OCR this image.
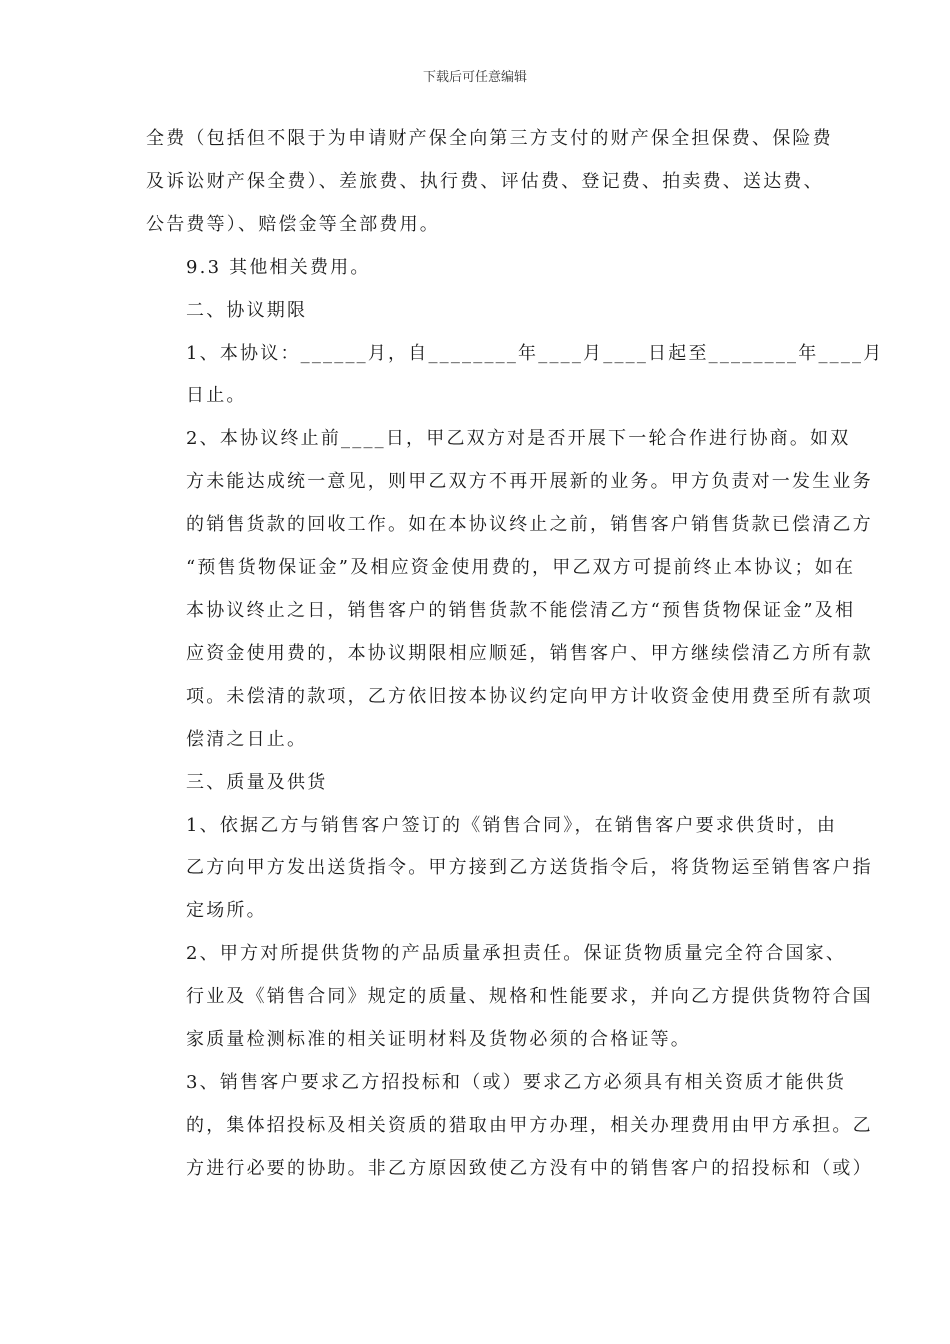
下载后可任意编辑

全费（包括但不限于为申请财产保全向第三方支付的财产保全担保费、保险费
及诉讼财产保全费）、差旅费、执行费、评估费、登记费、拍卖费、送达费、
公告费等）、赔偿金等全部费用。

9.3 其他相关费用。

二、协议期限

1、本协议：______月，自________年____月____日起至________年____月
日止。

2、本协议终止前____日，甲乙双方对是否开展下一轮合作进行协商。如双
方未能达成统一意见，则甲乙双方不再开展新的业务。甲方负责对一发生业务
的销售货款的回收工作。如在本协议终止之前，销售客户销售货款已偿清乙方
“预售货物保证金”及相应资金使用费的，甲乙双方可提前终止本协议；如在
本协议终止之日，销售客户的销售货款不能偿清乙方“预售货物保证金”及相
应资金使用费的，本协议期限相应顺延，销售客户、甲方继续偿清乙方所有款
项。未偿清的款项，乙方依旧按本协议约定向甲方计收资金使用费至所有款项
偿清之日止。

三、质量及供货

1、依据乙方与销售客户签订的《销售合同》，在销售客户要求供货时，由
乙方向甲方发出送货指令。甲方接到乙方送货指令后，将货物运至销售客户指
定场所。

2、甲方对所提供货物的产品质量承担责任。保证货物质量完全符合国家、
行业及《销售合同》规定的质量、规格和性能要求，并向乙方提供货物符合国
家质量检测标准的相关证明材料及货物必须的合格证等。

3、销售客户要求乙方招投标和（或）要求乙方必须具有相关资质才能供货
的，集体招投标及相关资质的猎取由甲方办理，相关办理费用由甲方承担。乙
方进行必要的协助。非乙方原因致使乙方没有中的销售客户的招投标和（或）
